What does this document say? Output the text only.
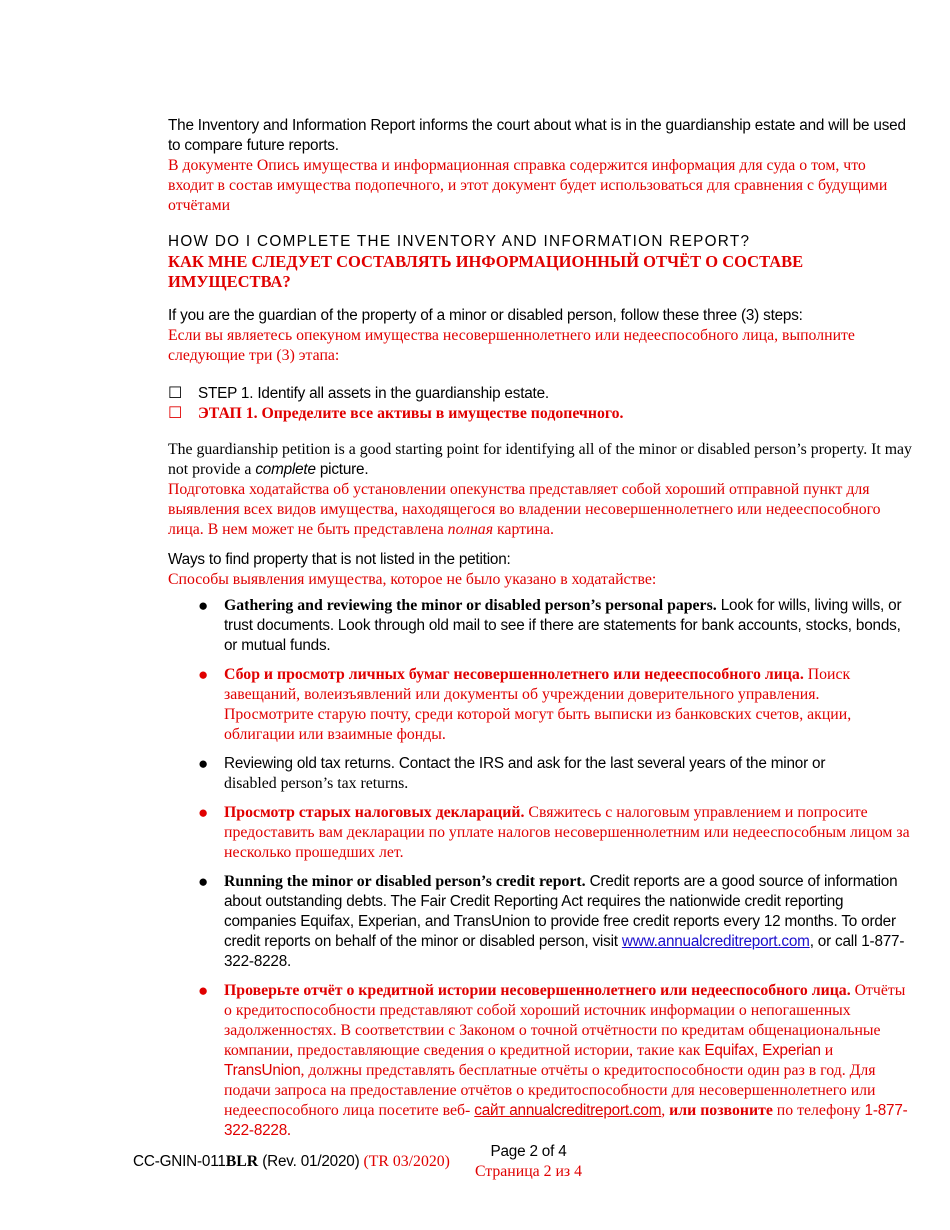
The Inventory and Information Report informs the court about what is in the guardianship estate and will be used to compare future reports.

В документе Опись имущества и информационная справка содержится информация для суда о том, что входит в состав имущества подопечного, и этот документ будет использоваться для сравнения с будущими отчётами

HOW DO I COMPLETE THE INVENTORY AND INFORMATION REPORT?

КАК МНЕ СЛЕДУЕТ СОСТАВЛЯТЬ ИНФОРМАЦИОННЫЙ ОТЧЁТ О СОСТАВЕ ИМУЩЕСТВА?

If you are the guardian of the property of a minor or disabled person, follow these three (3) steps:

Если вы являетесь опекуном имущества несовершеннолетнего или недееспособного лица, выполните следующие три (3) этапа:

☐	STEP 1. Identify all assets in the guardianship estate.
☐ ЭТАП 1. Определите все активы в имуществе подопечного.

The guardianship petition is a good starting point for identifying all of the minor or disabled person’s property. It may not provide a complete picture.

Подготовка ходатайства об установлении опекунства представляет собой хороший отправной пункт для выявления всех видов имущества, находящегося во владении несовершеннолетнего или недееспособного лица. В нем может не быть представлена полная картина.

Ways to find property that is not listed in the petition:

Способы выявления имущества, которое не было указано в ходатайстве:

● Gathering and reviewing the minor or disabled person’s personal papers. Look for wills, living wills, or trust documents. Look through old mail to see if there are statements for bank accounts, stocks, bonds, or mutual funds.
● Сбор и просмотр личных бумаг несовершеннолетнего или недееспособного лица. Поиск завещаний, волеизъявлений или документы об учреждении доверительного управления. Просмотрите старую почту, среди которой могут быть выписки из банковских счетов, акции, облигации или взаимные фонды.
● Reviewing old tax returns. Contact the IRS and ask for the last several years of the minor or
disabled person’s tax returns.
● Просмотр старых налоговых деклараций. Свяжитесь с налоговым управлением и попросите предоставить вам декларации по уплате налогов несовершеннолетним или недееспособным лицом за несколько прошедших лет.
● Running the minor or disabled person’s credit report. Credit reports are a good source of information about outstanding debts. The Fair Credit Reporting Act requires the nationwide credit reporting companies Equifax, Experian, and TransUnion to provide free credit reports every 12 months. To order credit reports on behalf of the minor or disabled person, visit www.annualcreditreport.com, or call 1-877-322-8228.
● Проверьте отчёт о кредитной истории несовершеннолетнего или недееспособного лица. Отчёты о кредитоспособности представляют собой хороший источник информации о непогашенных задолженностях. В соответствии с Законом о точной отчётности по кредитам общенациональные компании, предоставляющие сведения о кредитной истории, такие как Equifax, Experian и TransUnion, должны представлять бесплатные отчёты о кредитоспособности один раз в год. Для подачи запроса на предоставление отчётов о кредитоспособности для несовершеннолетнего или недееспособного лица посетите веб- сайт annualcreditreport.com, или позвоните по телефону 1-877-322-8228.
CC-GNIN-011BLR (Rev. 01/2020) (TR 03/2020)
Page 2 of 4
Страница 2 из 4
